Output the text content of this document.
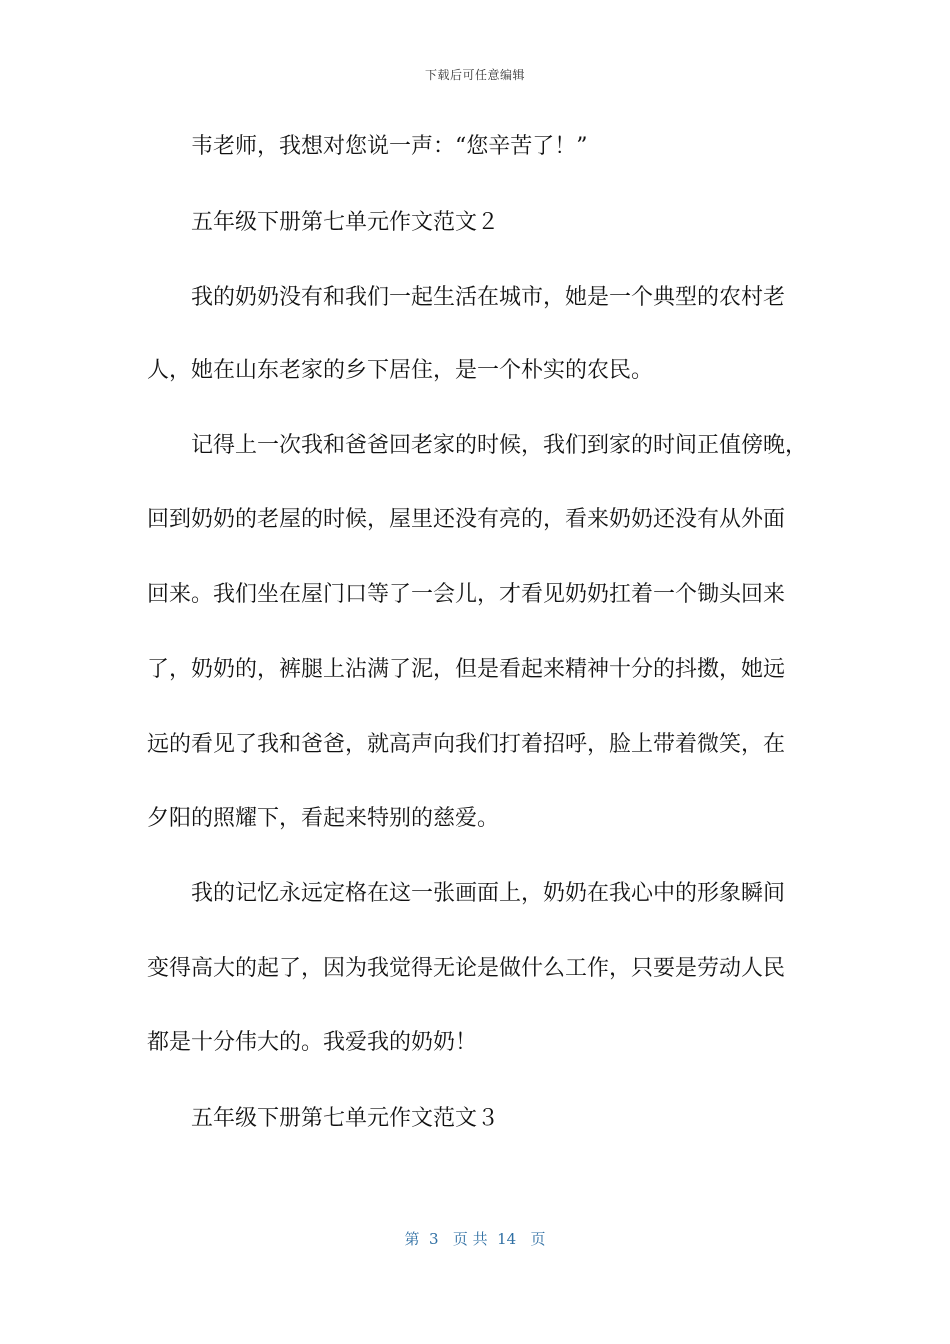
下载后可任意编辑
韦老师，我想对您说一声：“您辛苦了！”
五年级下册第七单元作文范文２
我的奶奶没有和我们一起生活在城市，她是一个典型的农村老
人，她在山东老家的乡下居住，是一个朴实的农民。
记得上一次我和爸爸回老家的时候，我们到家的时间正值傍晚，
回到奶奶的老屋的时候，屋里还没有亮的，看来奶奶还没有从外面
回来。我们坐在屋门口等了一会儿，才看见奶奶扛着一个锄头回来
了，奶奶的，裤腿上沾满了泥，但是看起来精神十分的抖擞，她远
远的看见了我和爸爸，就高声向我们打着招呼，脸上带着微笑，在
夕阳的照耀下，看起来特别的慈爱。
我的记忆永远定格在这一张画面上，奶奶在我心中的形象瞬间
变得高大的起了，因为我觉得无论是做什么工作，只要是劳动人民
都是十分伟大的。我爱我的奶奶！
五年级下册第七单元作文范文３
第  3   页 共  14   页
